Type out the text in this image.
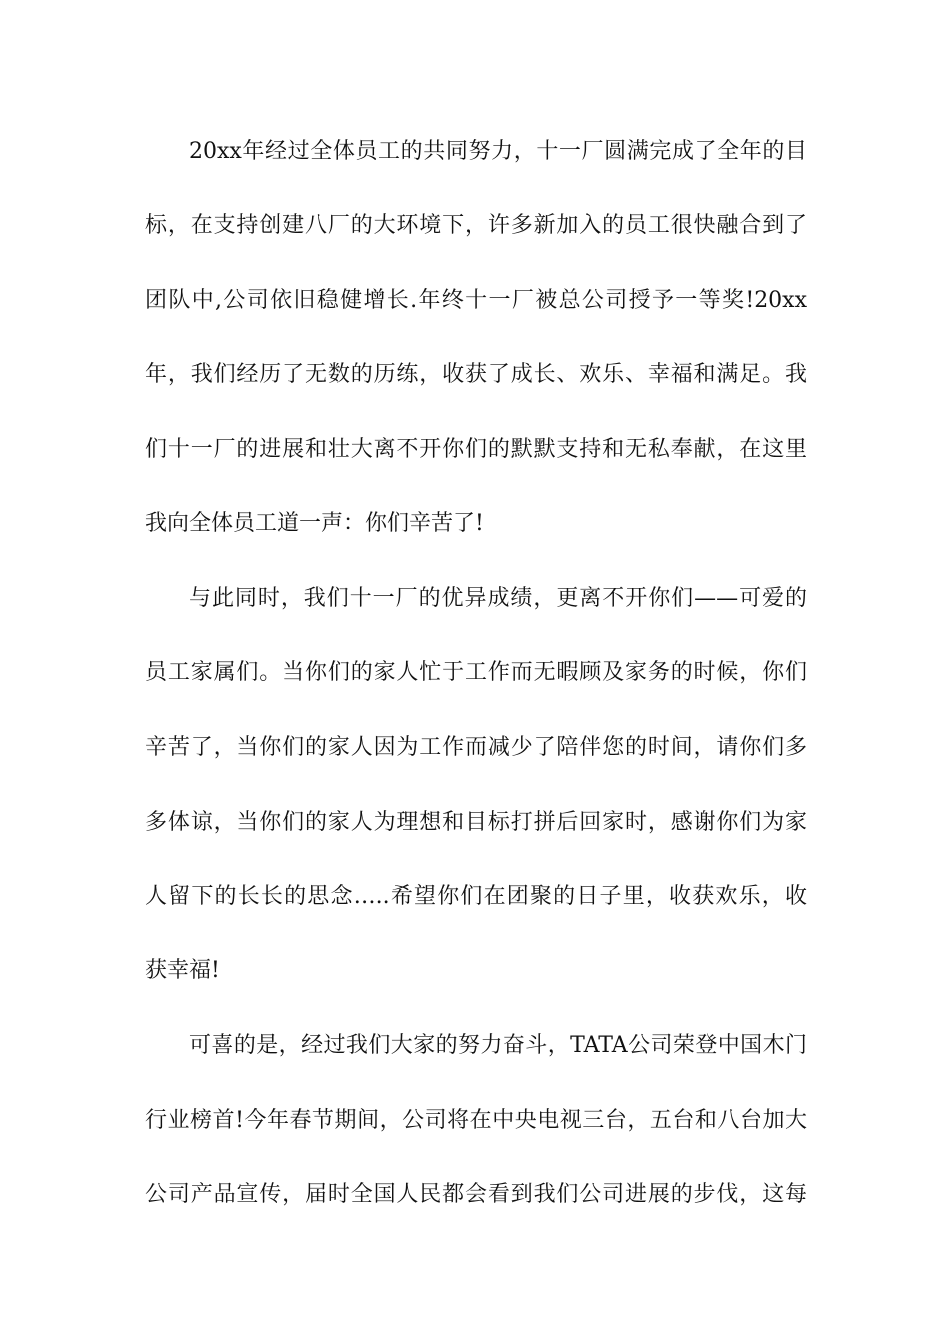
20xx年经过全体员工的共同努力，十一厂圆满完成了全年的目
标，在支持创建八厂的大环境下，许多新加入的员工很快融合到了
团队中,公司依旧稳健增长.年终十一厂被总公司授予一等奖!20xx
年，我们经历了无数的历练，收获了成长、欢乐、幸福和满足。我
们十一厂的进展和壮大离不开你们的默默支持和无私奉献，在这里
我向全体员工道一声：你们辛苦了!
与此同时，我们十一厂的优异成绩，更离不开你们——可爱的
员工家属们。当你们的家人忙于工作而无暇顾及家务的时候，你们
辛苦了，当你们的家人因为工作而减少了陪伴您的时间，请你们多
多体谅，当你们的家人为理想和目标打拼后回家时，感谢你们为家
人留下的长长的思念…..希望你们在团聚的日子里，收获欢乐，收
获幸福!
可喜的是，经过我们大家的努力奋斗，TATA公司荣登中国木门
行业榜首!今年春节期间，公司将在中央电视三台，五台和八台加大
公司产品宣传，届时全国人民都会看到我们公司进展的步伐，这每
